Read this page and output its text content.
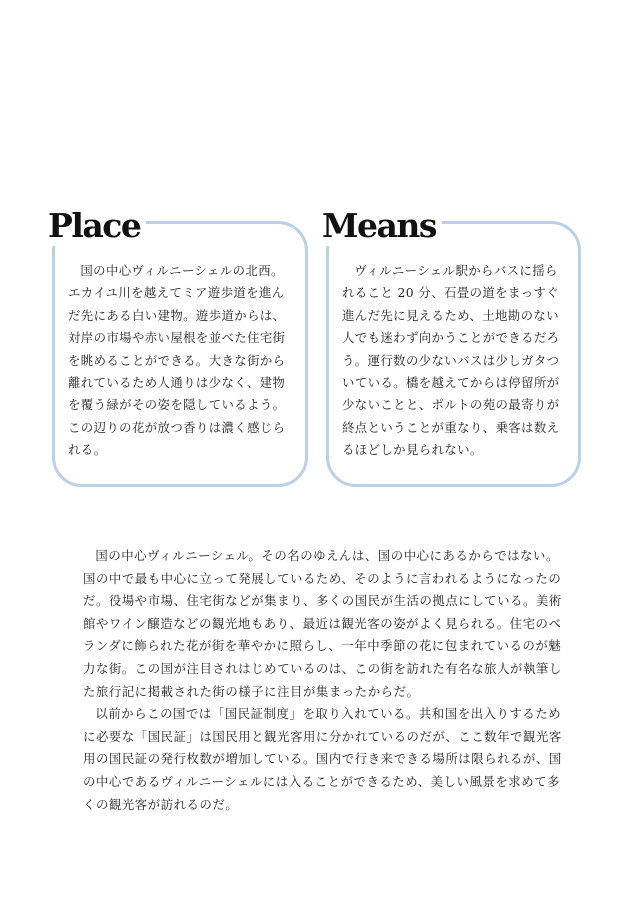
Place	Means

国の中心ヴィルニーシェルの北西。エカイユ川を越えてミア遊歩道を進んだ先にある白い建物。遊歩道からは、対岸の市場や赤い屋根を並べた住宅街を眺めることができる。大きな街から離れているため人通りは少なく、建物を覆う緑がその姿を隠しているよう。この辺りの花が放つ香りは濃く感じられる。

ヴィルニーシェル駅からバスに揺られること 20 分、石畳の道をまっすぐ進んだ先に見えるため、土地勘のない人でも迷わず向かうことができるだろう。運行数の少ないバスは少しガタついている。橋を越えてからは停留所が少ないことと、ポルトの苑の最寄りが終点ということが重なり、乗客は数えるほどしか見られない。

国の中心ヴィルニーシェル。その名のゆえんは、国の中心にあるからではない。国の中で最も中心に立って発展しているため、そのように言われるようになったのだ。役場や市場、住宅街などが集まり、多くの国民が生活の拠点にしている。美術館やワイン醸造などの観光地もあり、最近は観光客の姿がよく見られる。住宅のベランダに飾られた花が街を華やかに照らし、一年中季節の花に包まれているのが魅力な街。この国が注目されはじめているのは、この街を訪れた有名な旅人が執筆した旅行記に掲載された街の様子に注目が集まったからだ。

以前からこの国では「国民証制度」を取り入れている。共和国を出入りするために必要な「国民証」は国民用と観光客用に分かれているのだが、ここ数年で観光客用の国民証の発行枚数が増加している。国内で行き来できる場所は限られるが、国の中心であるヴィルニーシェルには入ることができるため、美しい風景を求めて多くの観光客が訪れるのだ。
